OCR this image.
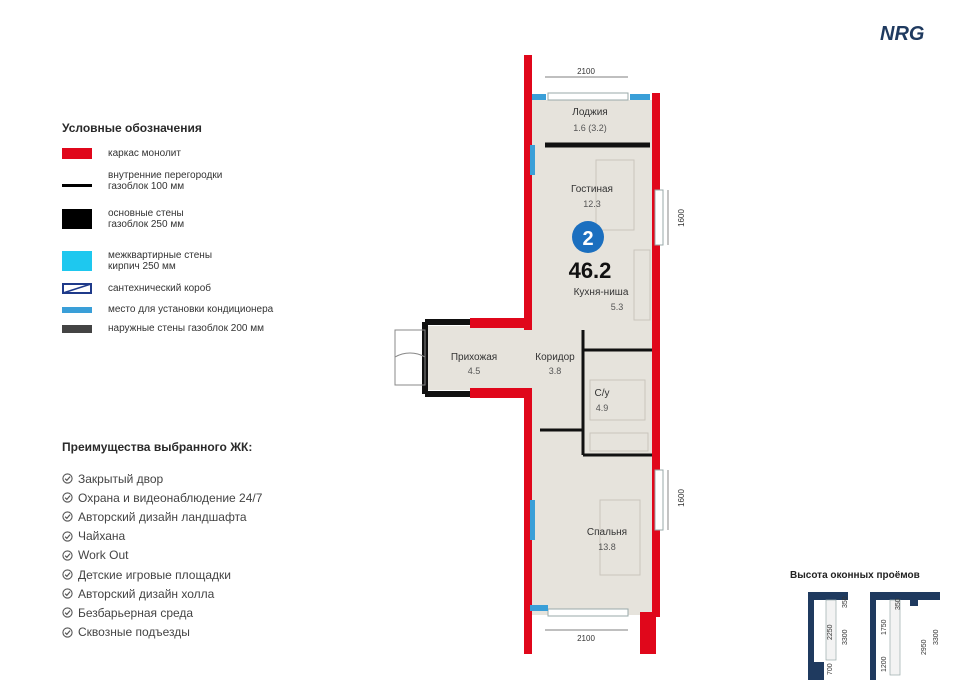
NRG
Условные обозначения
каркас монолит
внутренние перегородки
газоблок 100 мм
основные стены
газоблок 250 мм
межквартирные стены
кирпич 250 мм
сантехнический короб
место для установки кондиционера
наружные стены газоблок 200 мм
Преимущества выбранного ЖК:
Закрытый двор
Охрана и видеонаблюдение 24/7
Авторский дизайн ландшафта
Чайхана
Work Out
Детские игровые площадки
Авторский дизайн холла
Безбарьерная среда
Сквозные подъезды
2100
2100
1600
1600
Лоджия
1.6 (3.2)
Гостиная
12.3
2
46.2
Кухня-ниша
5.3
Прихожая
4.5
Коридор
3.8
С/у
4.9
Спальня
13.8
Высота оконных проёмов
350
2250 3300
700
350
1750
2950
3300
1200
